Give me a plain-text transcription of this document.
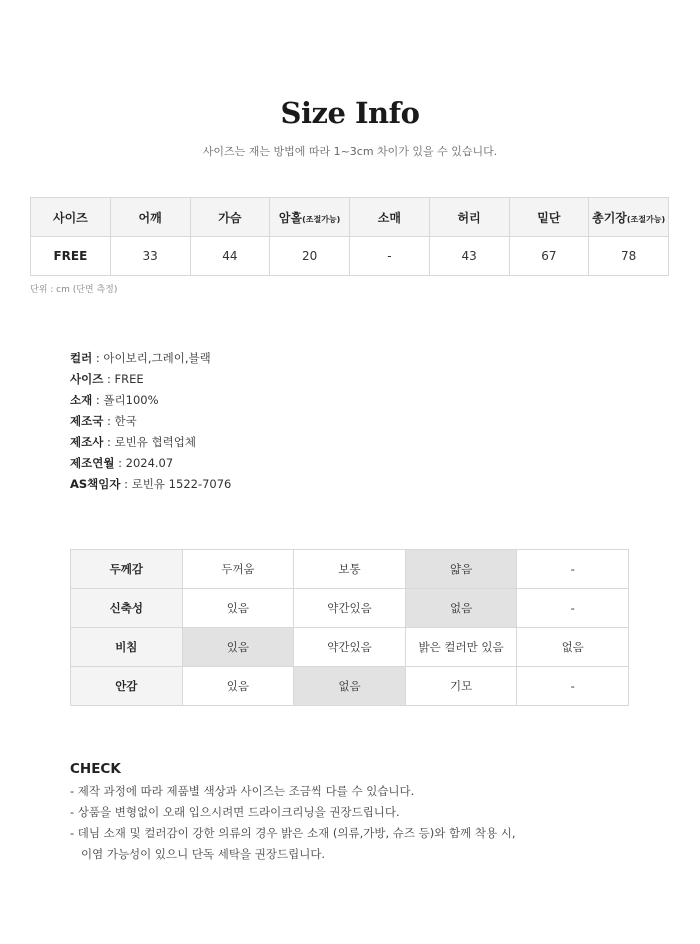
Size Info

사이즈는 재는 방법에 따라 1~3cm 차이가 있을 수 있습니다.

사이즈	어깨	가슴	암홀(조절가능)	소매	허리	밑단	총기장(조절가능)
FREE	33	44	20	-	43	67	78

단위 : cm (단면 측정)

컬러 : 아이보리,그레이,블랙
사이즈 : FREE
소재 : 폴리100%
제조국 : 한국
제조사 : 로빈유 협력업체
제조연월 : 2024.07
AS책임자 : 로빈유 1522-7076
두께감	두꺼움	보통	얇음	-
신축성	있음	약간있음	없음	-
비침	있음	약간있음	밝은 컬러만 있음	없음
안감	있음	없음	기모	-
CHECK
- 제작 과정에 따라 제품별 색상과 사이즈는 조금씩 다를 수 있습니다.
- 상품을 변형없이 오래 입으시려면 드라이크리닝을 권장드립니다.
- 데님 소재 및 컬러감이 강한 의류의 경우 밝은 소재 (의류,가방, 슈즈 등)와 함께 착용 시,
이염 가능성이 있으니 단독 세탁을 권장드립니다.
